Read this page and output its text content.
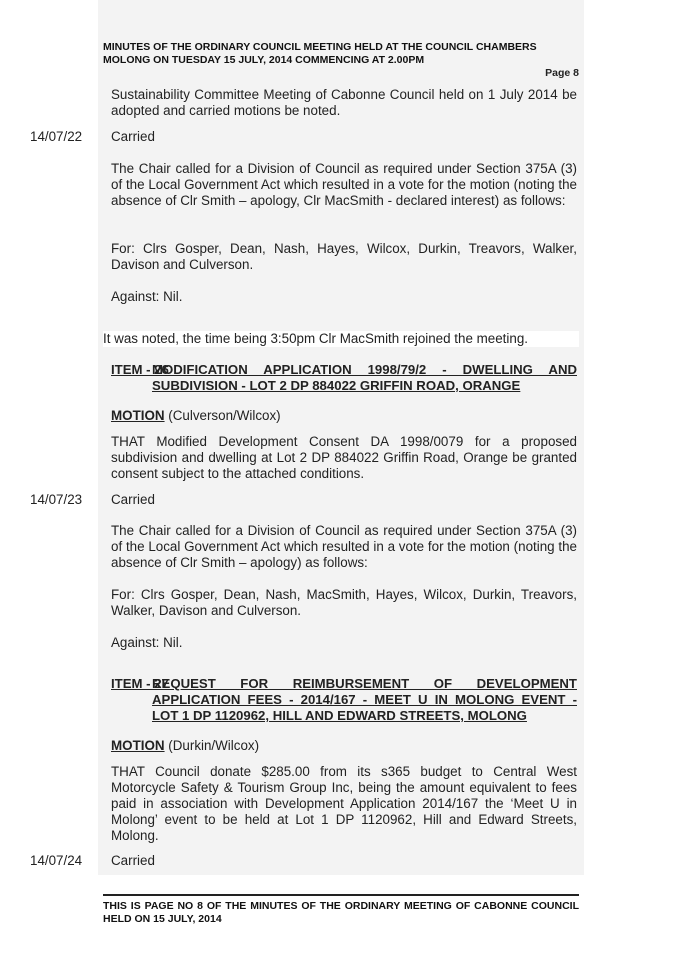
MINUTES OF THE ORDINARY COUNCIL MEETING HELD AT THE COUNCIL CHAMBERS
MOLONG ON TUESDAY 15 JULY, 2014 COMMENCING AT 2.00PM
Page 8
Sustainability Committee Meeting of Cabonne Council held on 1 July 2014 be adopted and carried motions be noted.
14/07/22 Carried
The Chair called for a Division of Council as required under Section 375A (3) of the Local Government Act which resulted in a vote for the motion (noting the absence of Clr Smith – apology, Clr MacSmith - declared interest) as follows:
For: Clrs Gosper, Dean, Nash, Hayes, Wilcox, Durkin, Treavors, Walker, Davison and Culverson.
Against: Nil.
It was noted, the time being 3:50pm Clr MacSmith rejoined the meeting.
ITEM - 26
MODIFICATION APPLICATION 1998/79/2 - DWELLING AND
SUBDIVISION - LOT 2 DP 884022 GRIFFIN ROAD, ORANGE
MOTION (Culverson/Wilcox)
THAT Modified Development Consent DA 1998/0079 for a proposed subdivision and dwelling at Lot 2 DP 884022 Griffin Road, Orange be granted consent subject to the attached conditions.
14/07/23 Carried
The Chair called for a Division of Council as required under Section 375A (3) of the Local Government Act which resulted in a vote for the motion (noting the absence of Clr Smith – apology) as follows:
For: Clrs Gosper, Dean, Nash, MacSmith, Hayes, Wilcox, Durkin, Treavors, Walker, Davison and Culverson.
Against: Nil.
ITEM - 27
REQUEST FOR REIMBURSEMENT OF DEVELOPMENT
APPLICATION FEES - 2014/167 - MEET U IN MOLONG EVENT -
LOT 1 DP 1120962, HILL AND EDWARD STREETS, MOLONG
MOTION (Durkin/Wilcox)
THAT Council donate $285.00 from its s365 budget to Central West Motorcycle Safety & Tourism Group Inc, being the amount equivalent to fees paid in association with Development Application 2014/167 the ‘Meet U in Molong’ event to be held at Lot 1 DP 1120962, Hill and Edward Streets, Molong.
14/07/24 Carried
THIS IS PAGE NO 8 OF THE MINUTES OF THE ORDINARY MEETING OF CABONNE COUNCIL HELD ON 15 JULY, 2014
